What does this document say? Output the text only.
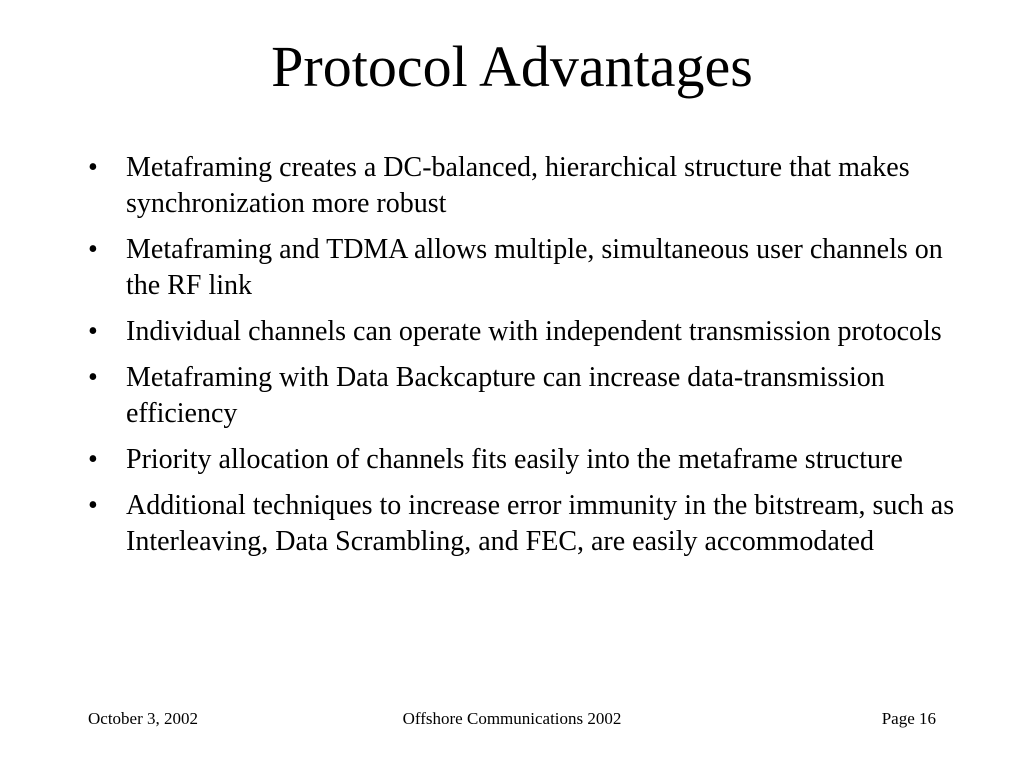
Protocol Advantages
•	Metaframing creates a DC-balanced, hierarchical structure that makes synchronization more robust
•	Metaframing and TDMA allows multiple, simultaneous user channels on the RF link
•	Individual channels can operate with independent transmission protocols
•	Metaframing with Data Backcapture can increase data-transmission efficiency
•	Priority allocation of channels fits easily into the metaframe structure
•	Additional techniques to increase error immunity in the bitstream, such as Interleaving, Data Scrambling, and FEC, are easily accommodated
Offshore Communications 2002
October 3, 2002	Page 16
